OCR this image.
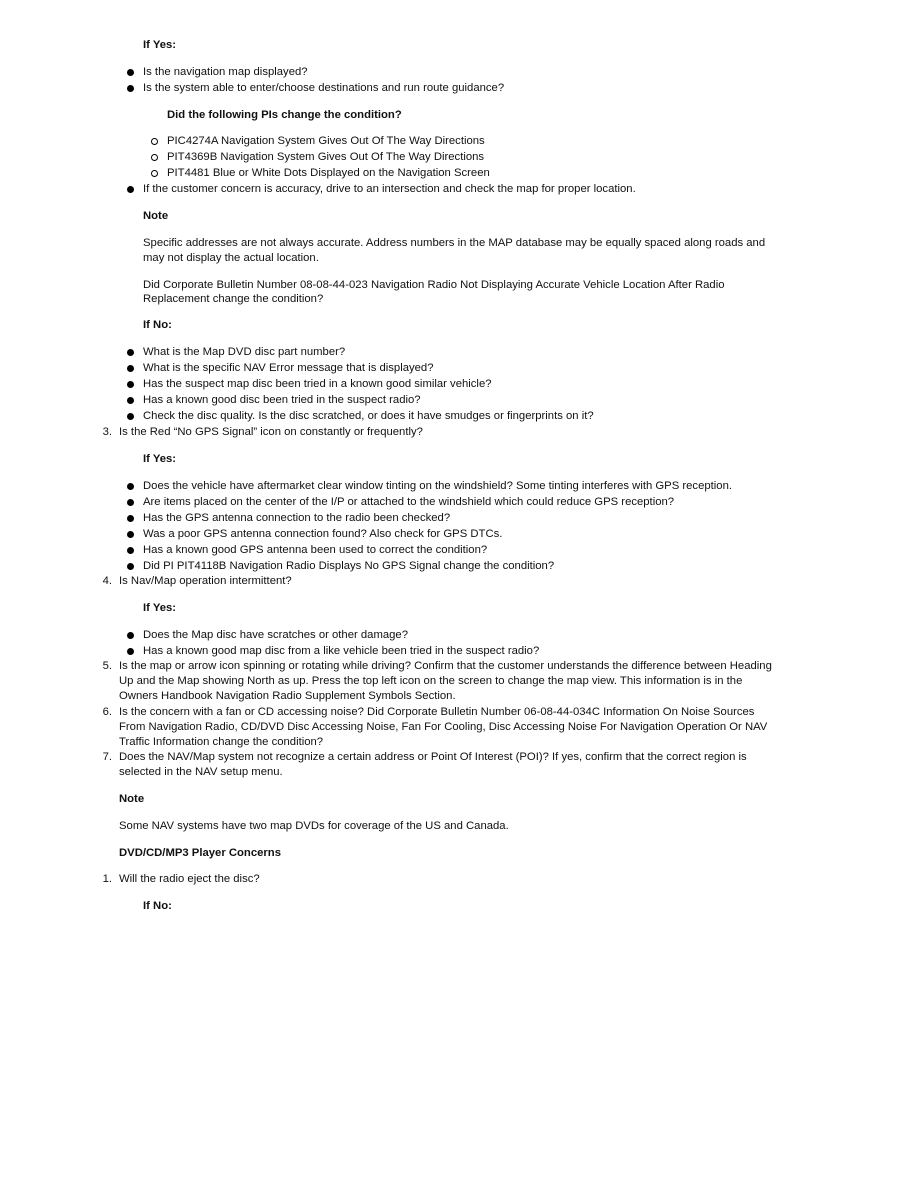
If Yes:
Is the navigation map displayed?
Is the system able to enter/choose destinations and run route guidance?
Did the following PIs change the condition?
PIC4274A Navigation System Gives Out Of The Way Directions
PIT4369B Navigation System Gives Out Of The Way Directions
PIT4481 Blue or White Dots Displayed on the Navigation Screen
If the customer concern is accuracy, drive to an intersection and check the map for proper location.
Note
Specific addresses are not always accurate. Address numbers in the MAP database may be equally spaced along roads and
may not display the actual location.
Did Corporate Bulletin Number 08-08-44-023 Navigation Radio Not Displaying Accurate Vehicle Location After Radio
Replacement change the condition?
If No:
What is the Map DVD disc part number?
What is the specific NAV Error message that is displayed?
Has the suspect map disc been tried in a known good similar vehicle?
Has a known good disc been tried in the suspect radio?
Check the disc quality. Is the disc scratched, or does it have smudges or fingerprints on it?
3. Is the Red “No GPS Signal” icon on constantly or frequently?
If Yes:
Does the vehicle have aftermarket clear window tinting on the windshield? Some tinting interferes with GPS reception.
Are items placed on the center of the I/P or attached to the windshield which could reduce GPS reception?
Has the GPS antenna connection to the radio been checked?
Was a poor GPS antenna connection found? Also check for GPS DTCs.
Has a known good GPS antenna been used to correct the condition?
Did PI PIT4118B Navigation Radio Displays No GPS Signal change the condition?
4. Is Nav/Map operation intermittent?
If Yes:
Does the Map disc have scratches or other damage?
Has a known good map disc from a like vehicle been tried in the suspect radio?
5. Is the map or arrow icon spinning or rotating while driving? Confirm that the customer understands the difference between Heading
Up and the Map showing North as up. Press the top left icon on the screen to change the map view. This information is in the
Owners Handbook Navigation Radio Supplement Symbols Section.
6. Is the concern with a fan or CD accessing noise? Did Corporate Bulletin Number 06-08-44-034C Information On Noise Sources
From Navigation Radio, CD/DVD Disc Accessing Noise, Fan For Cooling, Disc Accessing Noise For Navigation Operation Or NAV
Traffic Information change the condition?
7. Does the NAV/Map system not recognize a certain address or Point Of Interest (POI)? If yes, confirm that the correct region is
selected in the NAV setup menu.
Note
Some NAV systems have two map DVDs for coverage of the US and Canada.
DVD/CD/MP3 Player Concerns
1. Will the radio eject the disc?
If No:
